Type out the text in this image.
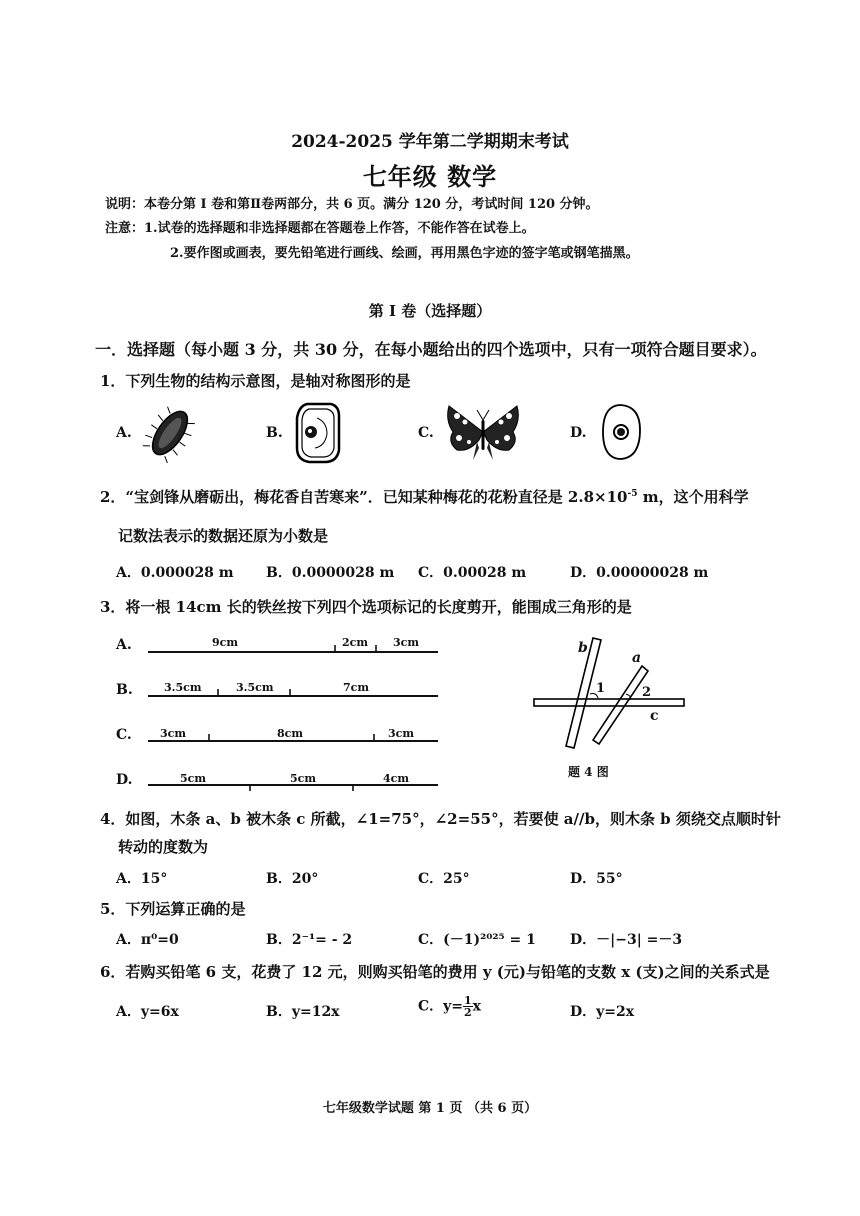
2024-2025 学年第二学期期末考试
七年级 数学
说明：本卷分第 I 卷和第Ⅱ卷两部分，共 6 页。满分 120 分，考试时间 120 分钟。
注意：1.试卷的选择题和非选择题都在答题卷上作答，不能作答在试卷上。
2.要作图或画表，要先铅笔进行画线、绘画，再用黑色字迹的签字笔或钢笔描黑。
第 I 卷（选择题）
一．选择题（每小题 3 分，共 30 分，在每小题给出的四个选项中，只有一项符合题目要求）。
1．下列生物的结构示意图，是轴对称图形的是
A.	B.	C.	D.
2．“宝剑锋从磨砺出，梅花香自苦寒来”．已知某种梅花的花粉直径是 $2.8\times 10^{-5}$ m，这个用科学
记数法表示的数据还原为小数是
A．0.000028 m B．0.0000028 m C．0.00028 m	D．0.00000028 m
3．将一根 14cm 长的铁丝按下列四个选项标记的长度剪开，能围成三角形的是
A.	9cm	2cm 3cm
B.	3.5cm	3.5cm	7cm
C.	3cm	8cm	3cm
D.	5cm	5cm	4cm
b
a
c
1	2
题 4 图
4．如图，木条 a、b 被木条 c 所截，∠1=75°，∠2=55°，若要使 a//b，则木条 b 须绕交点顺时针
转动的度数为
A．15°	B．20°	C．25°	D．55°
5．下列运算正确的是
A．π⁰=0	B．2⁻¹= - 2	C．(－1)²⁰²⁵ = 1 D．－|−3| =－3
6．若购买铅笔 6 支，花费了 12 元，则购买铅笔的费用 y (元)与铅笔的支数 x (支)之间的关系式是
A．y=6x	B．y=12x	C．$y= \frac{1}{2}$ x	D．y=2x
七年级数学试题 第 1 页 （共 6 页）
